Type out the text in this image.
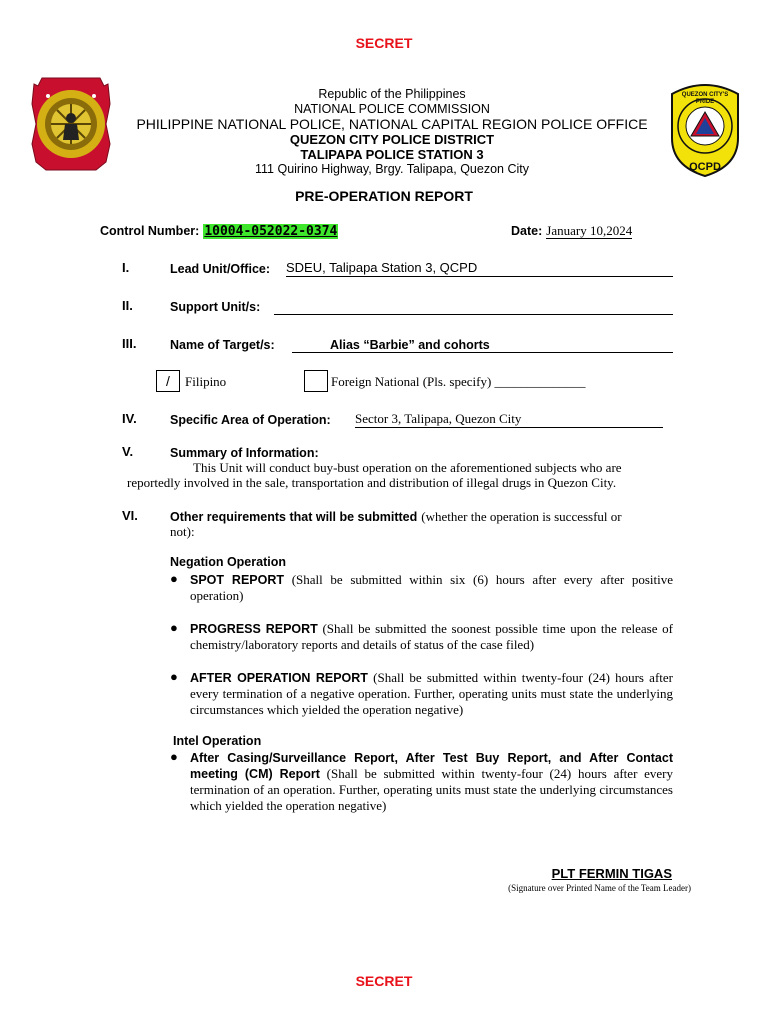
SECRET
QCPD
QUEZON CITY'S
PRIDE
Republic of the Philippines
NATIONAL POLICE COMMISSION
PHILIPPINE NATIONAL POLICE, NATIONAL CAPITAL REGION POLICE OFFICE
QUEZON CITY POLICE DISTRICT
TALIPAPA POLICE STATION 3
111 Quirino Highway, Brgy. Talipapa, Quezon City
PRE-OPERATION REPORT
Control Number: 10004-052022-0374	Date: January 10,2024
I.	Lead Unit/Office: SDEU, Talipapa Station 3, QCPD
II.	Support Unit/s:
III.	Name of Target/s:	Alias “Barbie” and cohorts
/	Filipino	Foreign National (Pls. specify) ______________
IV.	Specific Area of Operation: Sector 3, Talipapa, Quezon City
V.	Summary of Information:
This Unit will conduct buy-bust operation on the aforementioned subjects who are
reportedly involved in the sale, transportation and distribution of illegal drugs in Quezon City.
VI.	Other requirements that will be submitted (whether the operation is successful or
not):
Negation Operation
● SPOT REPORT (Shall be submitted within six (6) hours after every after positive operation)
● PROGRESS REPORT (Shall be submitted the soonest possible time upon the release of chemistry/laboratory reports and details of status of the case filed)
● AFTER OPERATION REPORT (Shall be submitted within twenty-four (24) hours after every termination of a negative operation. Further, operating units must state the underlying circumstances which yielded the operation negative)
Intel Operation
● After Casing/Surveillance Report, After Test Buy Report, and After Contact meeting (CM) Report (Shall be submitted within twenty-four (24) hours after every termination of an operation. Further, operating units must state the underlying circumstances which yielded the operation negative)
PLT FERMIN TIGAS
(Signature over Printed Name of the Team Leader)
SECRET
